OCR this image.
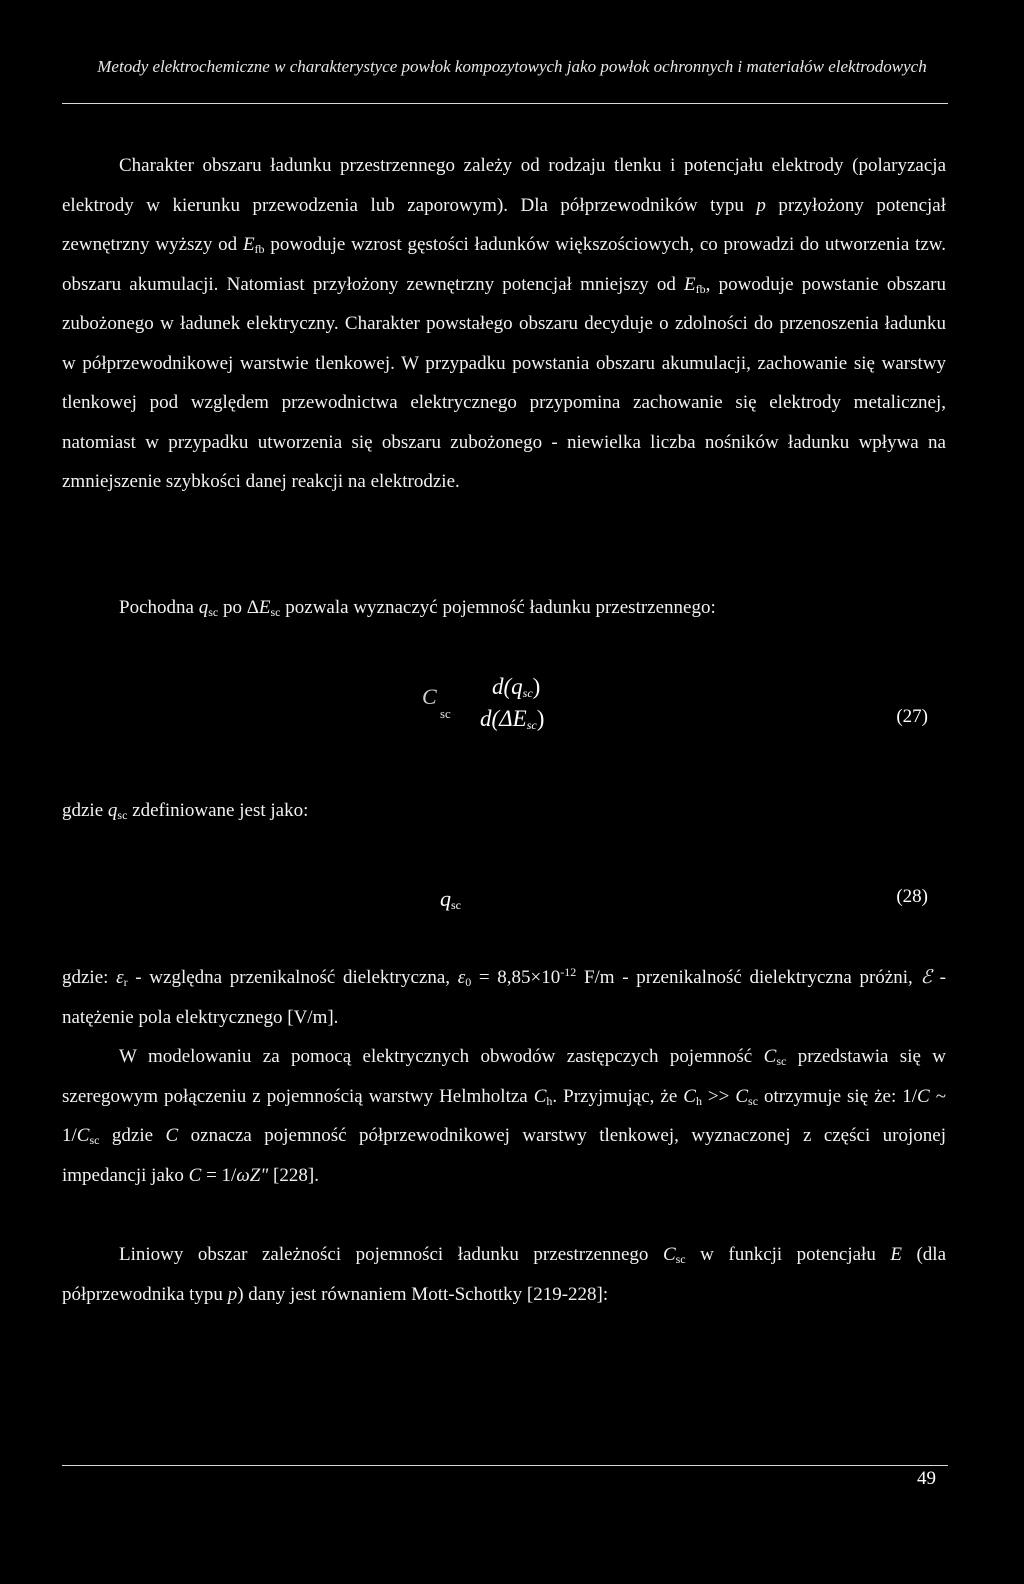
Metody elektrochemiczne w charakterystyce powłok kompozytowych jako powłok ochronnych i materiałów elektrodowych

Charakter obszaru ładunku przestrzennego zależy od rodzaju tlenku i potencjału elektrody (polaryzacja elektrody w kierunku przewodzenia lub zaporowym). Dla półprzewodników typu p przyłożony potencjał zewnętrzny wyższy od $E_{fb}$ powoduje wzrost gęstości ładunków większościowych, co prowadzi do utworzenia tzw. obszaru akumulacji. Natomiast przyłożony zewnętrzny potencjał mniejszy od $E_{fb}$, powoduje powstanie obszaru zubożonego w ładunek elektryczny. Charakter powstałego obszaru decyduje o zdolności do przenoszenia ładunku w półprzewodnikowej warstwie tlenkowej. W przypadku powstania obszaru akumulacji, zachowanie się warstwy tlenkowej pod względem przewodnictwa elektrycznego przypomina zachowanie się elektrody metalicznej, natomiast w przypadku utworzenia się obszaru zubożonego - niewielka liczba nośników ładunku wpływa na zmniejszenie szybkości danej reakcji na elektrodzie.

Pochodna $q_{sc}$ po $\Delta E_{sc}$ pozwala wyznaczyć pojemność ładunku przestrzennego:

C
sc
$d(q_{sc})$
$d(\Delta E_{sc})$	(27)
gdzie $q_{sc}$ zdefiniowane jest jako:
$q_{sc}$	(28)

gdzie: $\varepsilon_r$ - względna przenikalność dielektryczna, $\varepsilon_0 = 8,85\times 10^{-12}$ F/m - przenikalność dielektryczna próżni, ℰ - natężenie pola elektrycznego [V/m].

W modelowaniu za pomocą elektrycznych obwodów zastępczych pojemność $C_{sc}$ przedstawia się w szeregowym połączeniu z pojemnością warstwy Helmholtza $C_h$. Przyjmując, że $C_h >> C_{sc}$ otrzymuje się że: 1/C ~ $1/C_{sc}$ gdzie C oznacza pojemność półprzewodnikowej warstwy tlenkowej, wyznaczonej z części urojonej impedancji jako C = 1/ωZ" [228].

Liniowy obszar zależności pojemności ładunku przestrzennego $C_{sc}$ w funkcji potencjału E (dla półprzewodnika typu p) dany jest równaniem Mott-Schottky [219-228]:

49
